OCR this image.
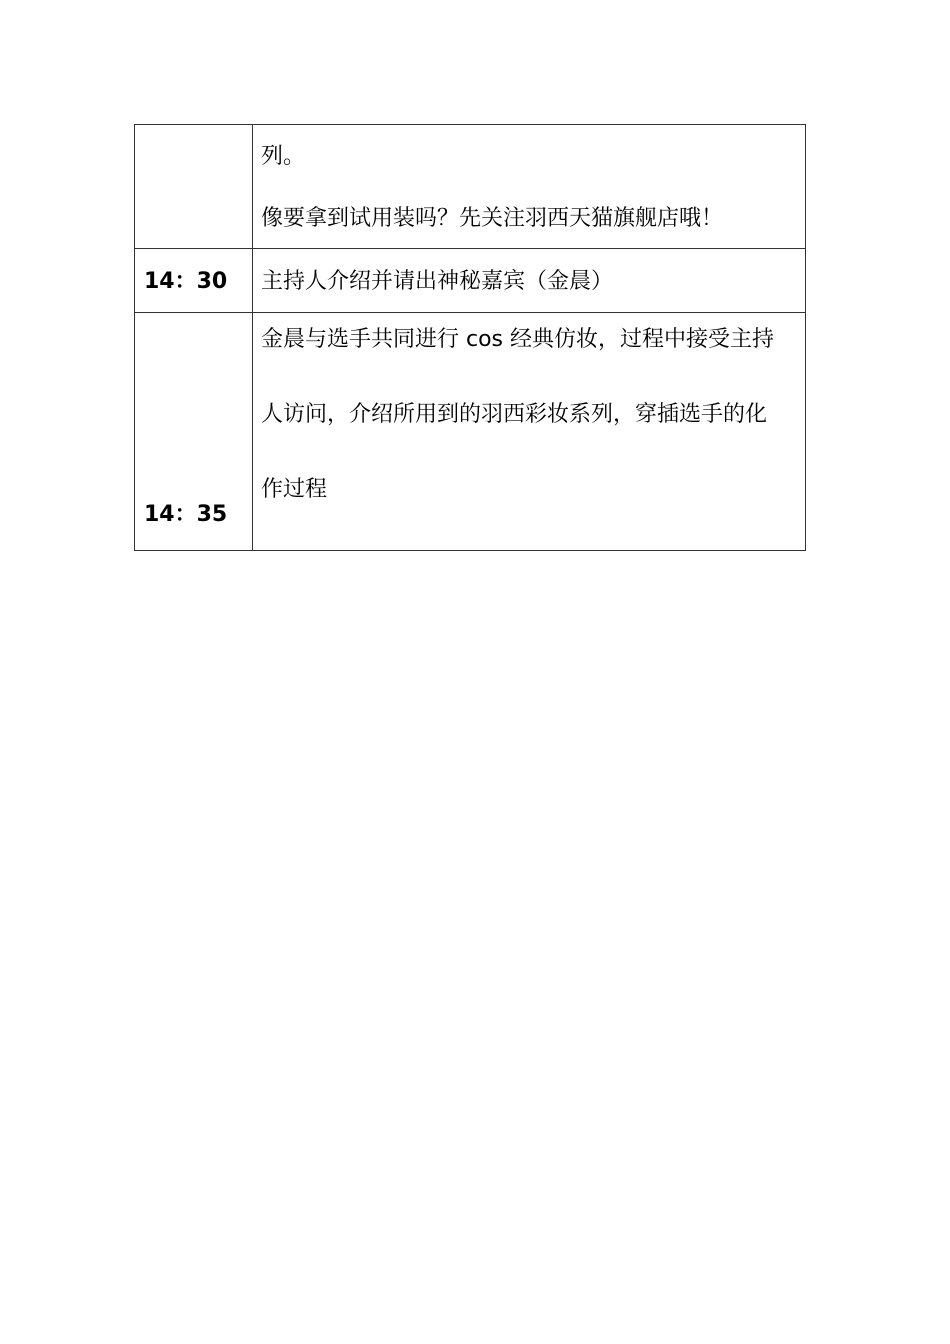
	列。
像要拿到试用装吗？先关注羽西天猫旗舰店哦！

14：30	主持人介绍并请出神秘嘉宾（金晨）

14：35	金晨与选手共同进行 cos 经典仿妆，过程中接受主持
人访问，介绍所用到的羽西彩妆系列，穿插选手的化
作过程
